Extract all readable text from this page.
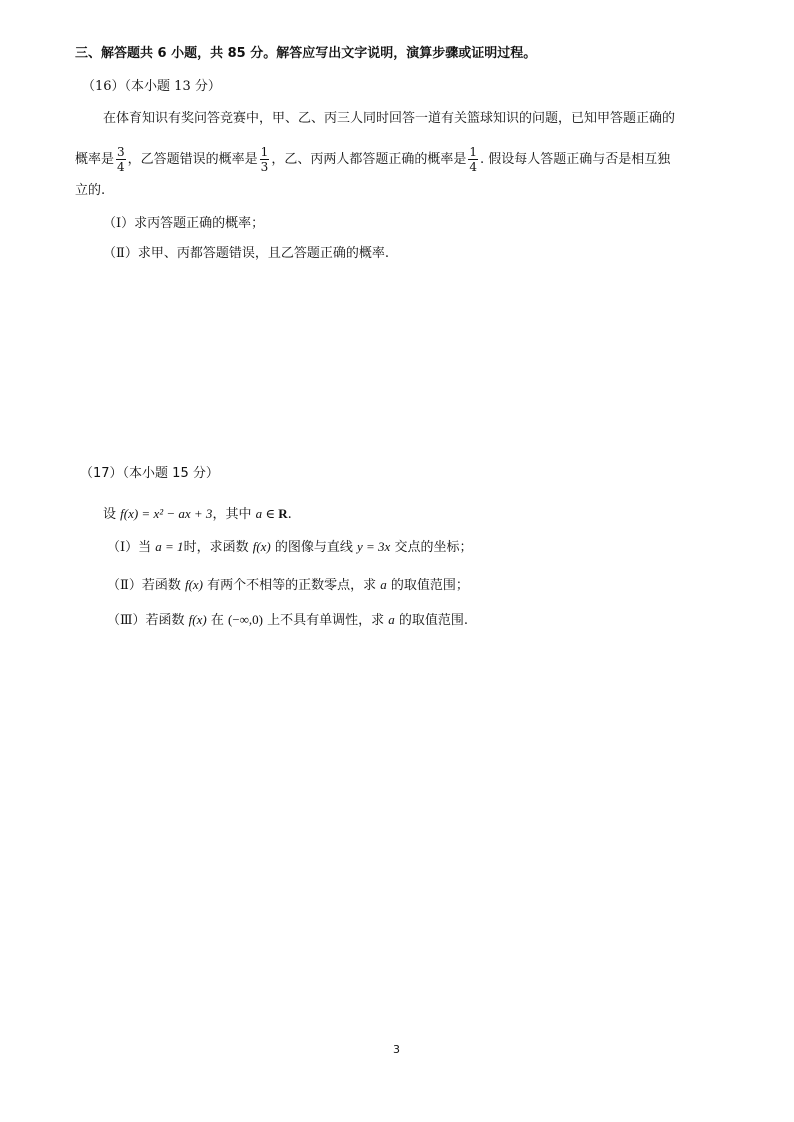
三、解答题共 6 小题，共 85 分。解答应写出文字说明，演算步骤或证明过程。
（16）（本小题 13 分）
在体育知识有奖问答竞赛中，甲、乙、丙三人同时回答一道有关篮球知识的问题，已知甲答题正确的
概率是 $\frac{3}{4}$ ，乙答题错误的概率是 $\frac{1}{3}$ ，乙、丙两人都答题正确的概率是 $\frac{1}{4}$ . 假设每人答题正确与否是相互独
立的.
（Ⅰ）求丙答题正确的概率；
（Ⅱ）求甲、丙都答题错误，且乙答题正确的概率.
（17）（本小题 15 分）
设 f(x) = x² − ax + 3，其中 a ∈ R.
（Ⅰ）当 a = 1时，求函数 f(x) 的图像与直线 y = 3x 交点的坐标；
（Ⅱ）若函数 f(x) 有两个不相等的正数零点，求 a 的取值范围；
（Ⅲ）若函数 f(x) 在 (−∞,0) 上不具有单调性，求 a 的取值范围.
3
